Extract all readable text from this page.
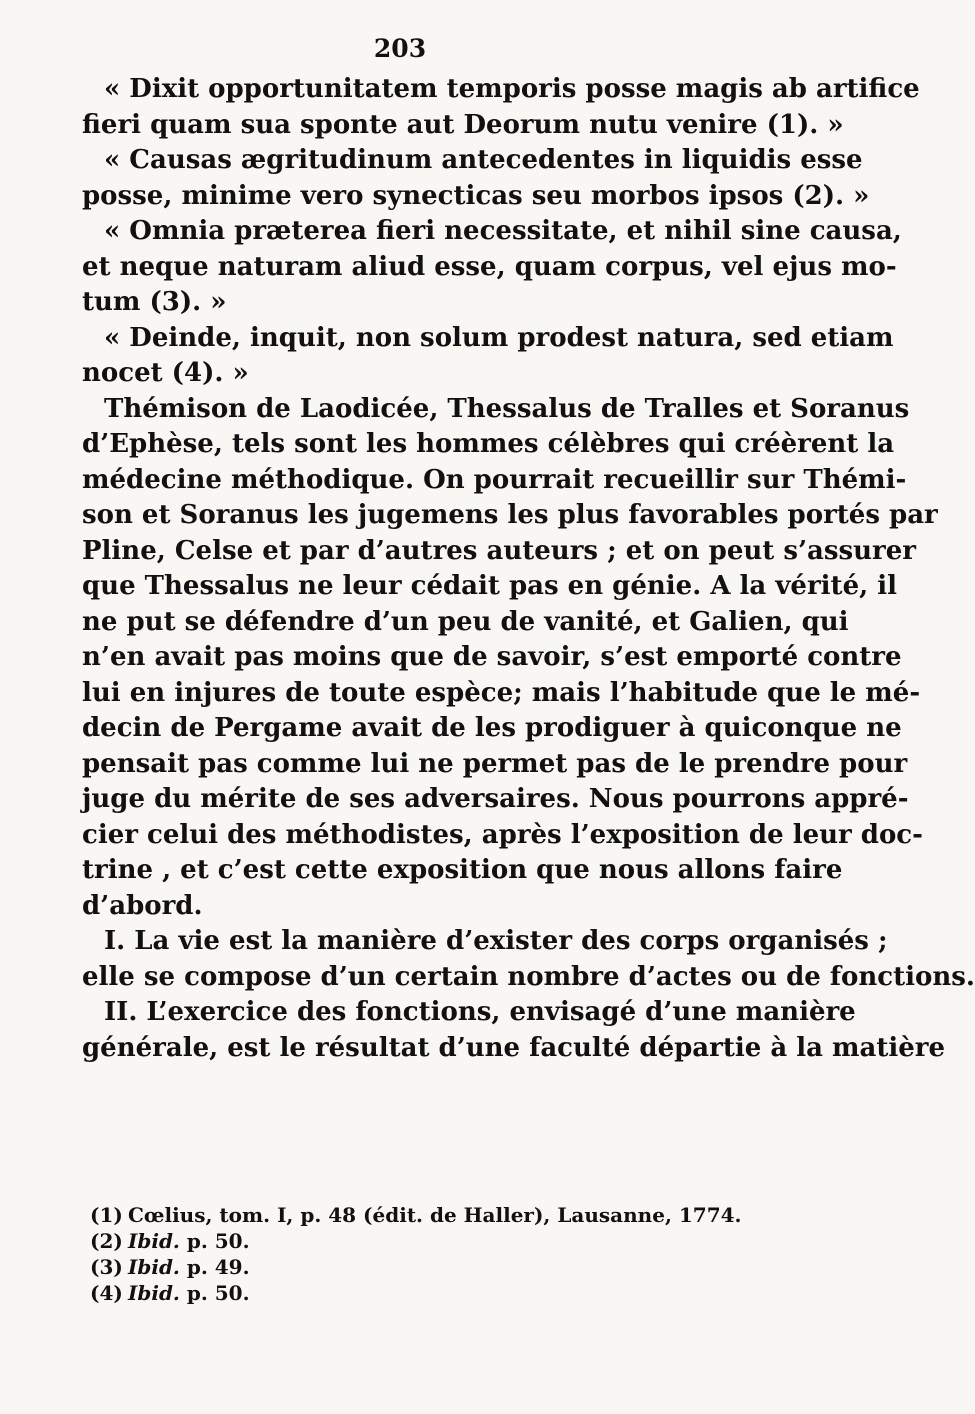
203
« Dixit opportunitatem temporis posse magis ab artifice
fieri quam sua sponte aut Deorum nutu venire (1). »
« Causas ægritudinum antecedentes in liquidis esse
posse, minime vero synecticas seu morbos ipsos (2). »
« Omnia præterea fieri necessitate, et nihil sine causa,
et neque naturam aliud esse, quam corpus, vel ejus mo-
tum (3). »
« Deinde, inquit, non solum prodest natura, sed etiam
nocet (4). »
Thémison de Laodicée, Thessalus de Tralles et Soranus
d’Ephèse, tels sont les hommes célèbres qui créèrent la
médecine méthodique. On pourrait recueillir sur Thémi-
son et Soranus les jugemens les plus favorables portés par
Pline, Celse et par d’autres auteurs ; et on peut s’assurer
que Thessalus ne leur cédait pas en génie. A la vérité, il
ne put se défendre d’un peu de vanité, et Galien, qui
n’en avait pas moins que de savoir, s’est emporté contre
lui en injures de toute espèce; mais l’habitude que le mé-
decin de Pergame avait de les prodiguer à quiconque ne
pensait pas comme lui ne permet pas de le prendre pour
juge du mérite de ses adversaires. Nous pourrons appré-
cier celui des méthodistes, après l’exposition de leur doc-
trine , et c’est cette exposition que nous allons faire
d’abord.
I. La vie est la manière d’exister des corps organisés ;
elle se compose d’un certain nombre d’actes ou de fonctions.
II. L’exercice des fonctions, envisagé d’une manière
générale, est le résultat d’une faculté départie à la matière
(1) Cœlius, tom. I, p. 48 (édit. de Haller), Lausanne, 1774.
(2) Ibid. p. 50.
(3) Ibid. p. 49.
(4) Ibid. p. 50.
